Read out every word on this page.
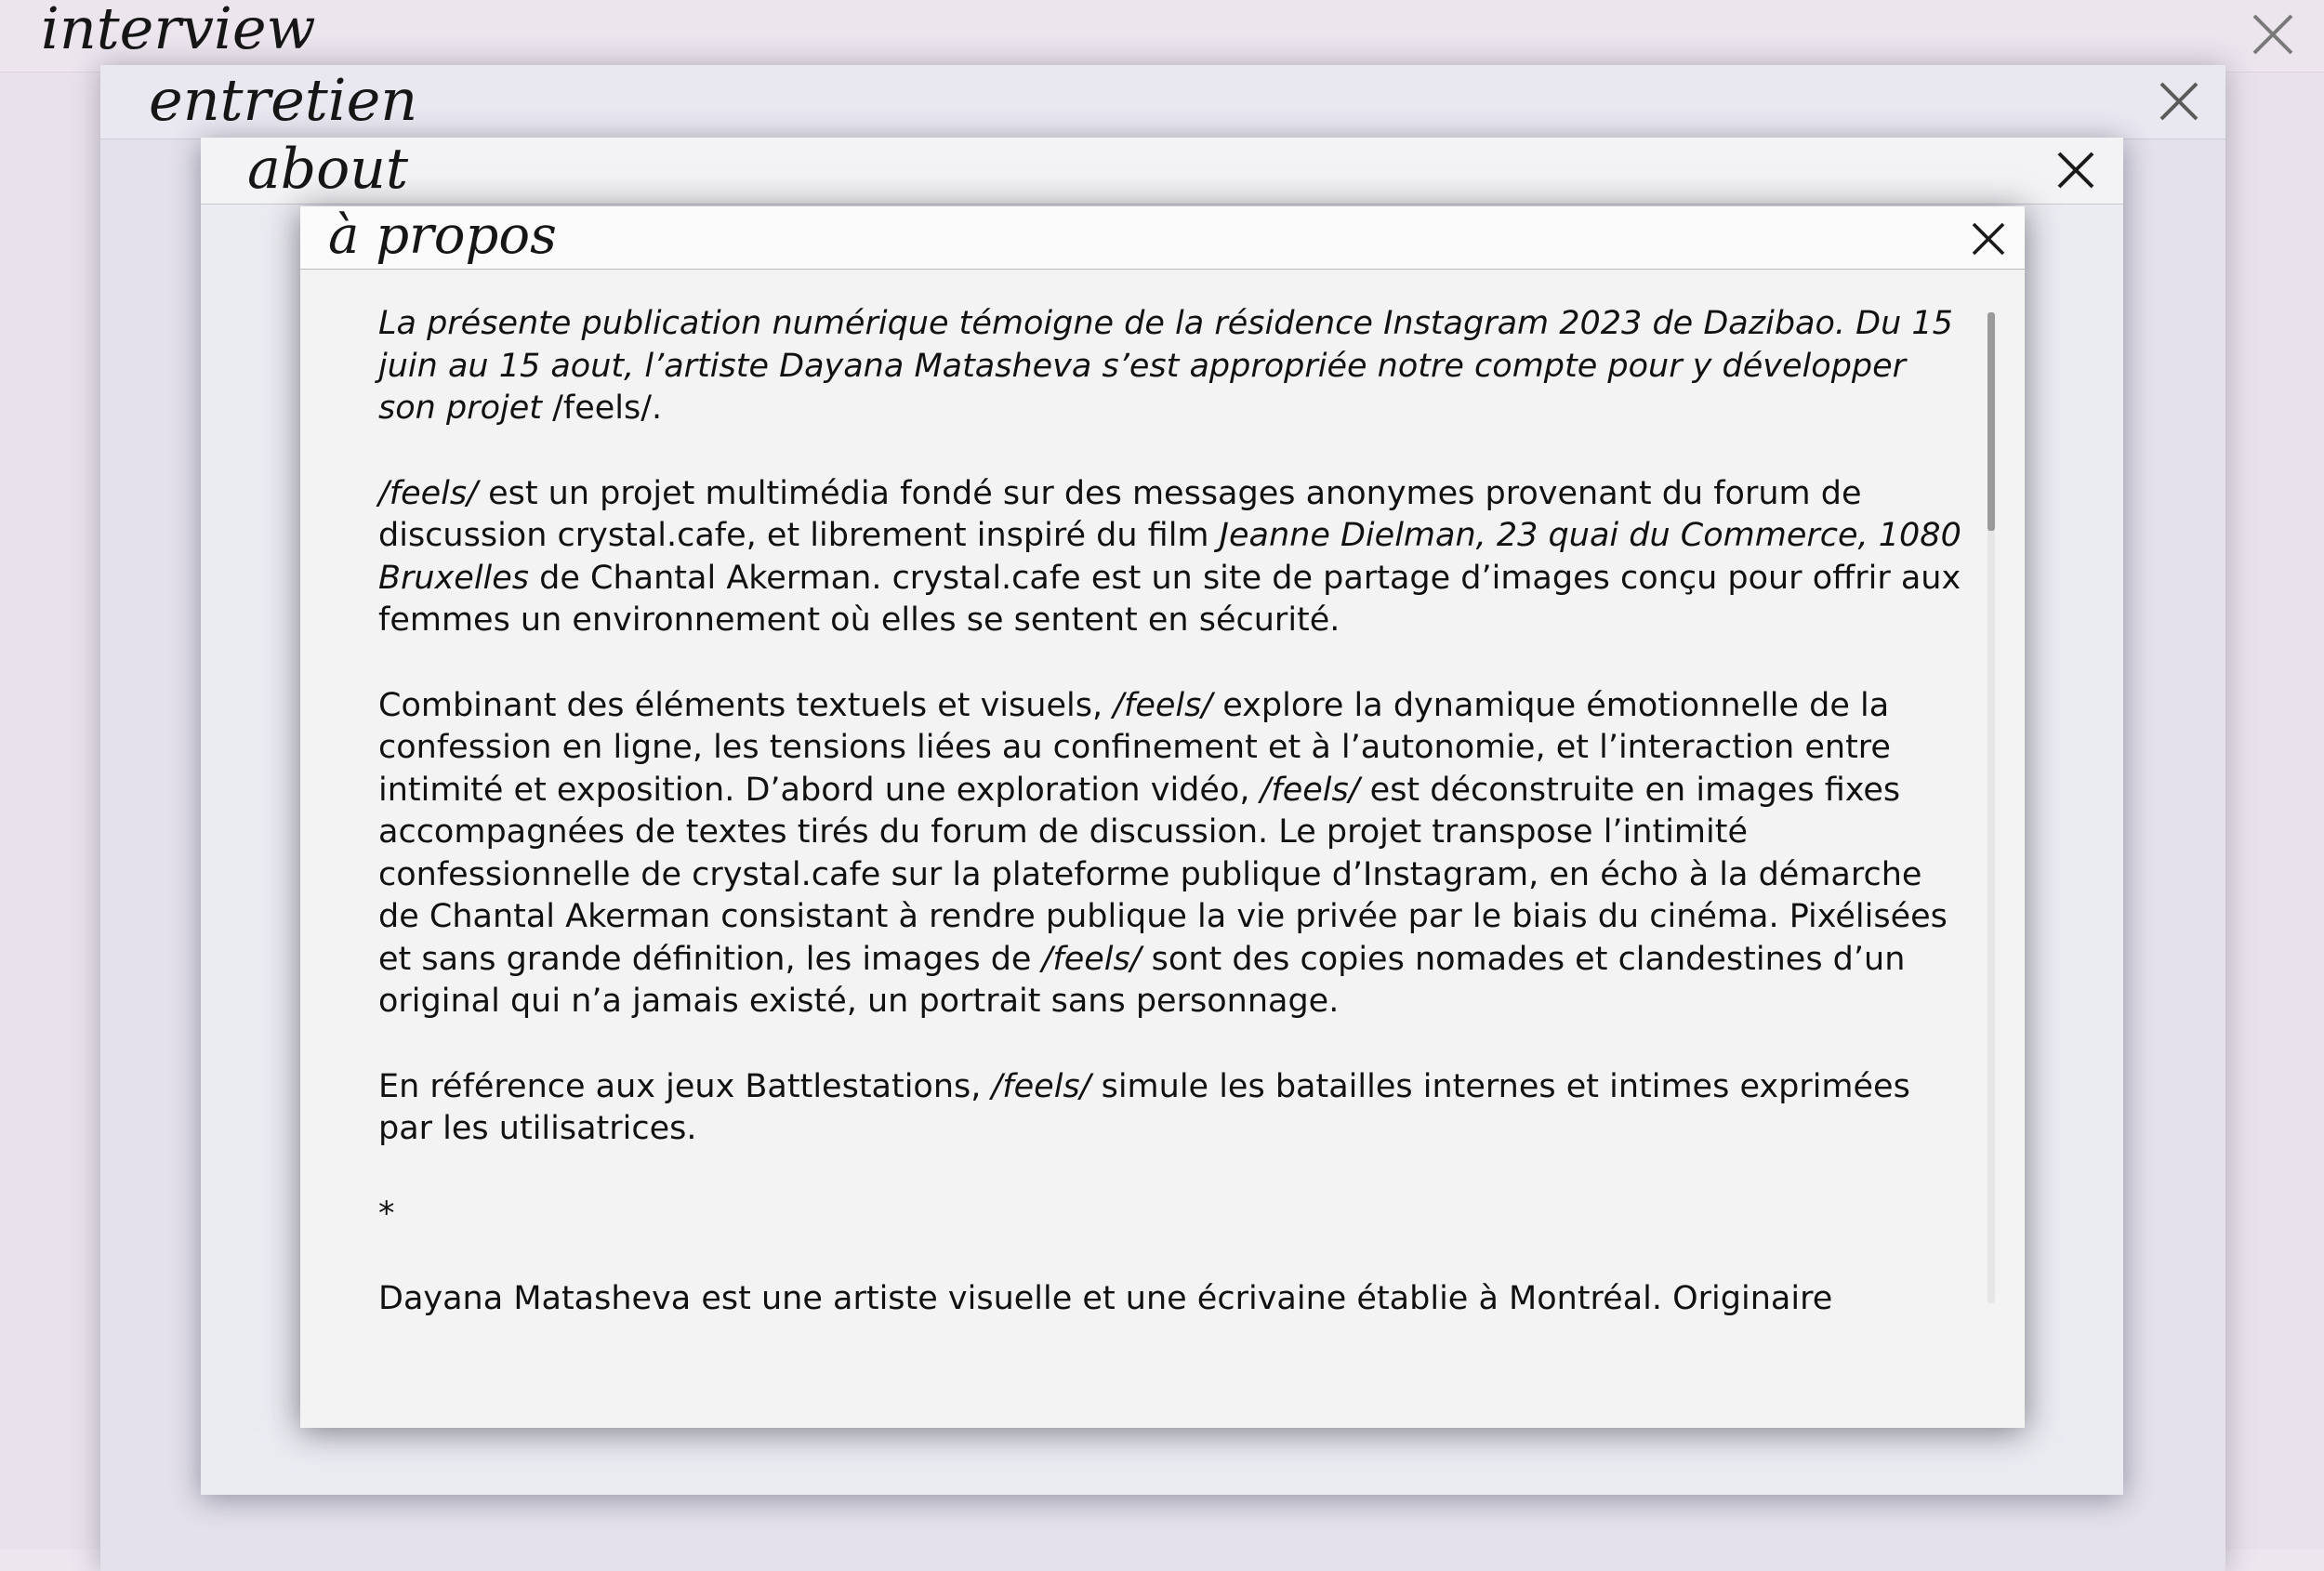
interview
entretien
about
à propos

La présente publication numérique témoigne de la résidence Instagram 2023 de Dazibao. Du 15 juin au 15 aout, l’artiste Dayana Matasheva s’est appropriée notre compte pour y développer son projet /feels/.

/feels/ est un projet multimédia fondé sur des messages anonymes provenant du forum de discussion crystal.cafe, et librement inspiré du film Jeanne Dielman, 23 quai du Commerce, 1080 Bruxelles de Chantal Akerman. crystal.cafe est un site de partage d’images conçu pour offrir aux femmes un environnement où elles se sentent en sécurité.

Combinant des éléments textuels et visuels, /feels/ explore la dynamique émotionnelle de la confession en ligne, les tensions liées au confinement et à l’autonomie, et l’interaction entre intimité et exposition. D’abord une exploration vidéo, /feels/ est déconstruite en images fixes accompagnées de textes tirés du forum de discussion. Le projet transpose l’intimité confessionnelle de crystal.cafe sur la plateforme publique d’Instagram, en écho à la démarche de Chantal Akerman consistant à rendre publique la vie privée par le biais du cinéma. Pixélisées et sans grande définition, les images de /feels/ sont des copies nomades et clandestines d’un original qui n’a jamais existé, un portrait sans personnage.

En référence aux jeux Battlestations, /feels/ simule les batailles internes et intimes exprimées par les utilisatrices.

*

Dayana Matasheva est une artiste visuelle et une écrivaine établie à Montréal. Originaire
